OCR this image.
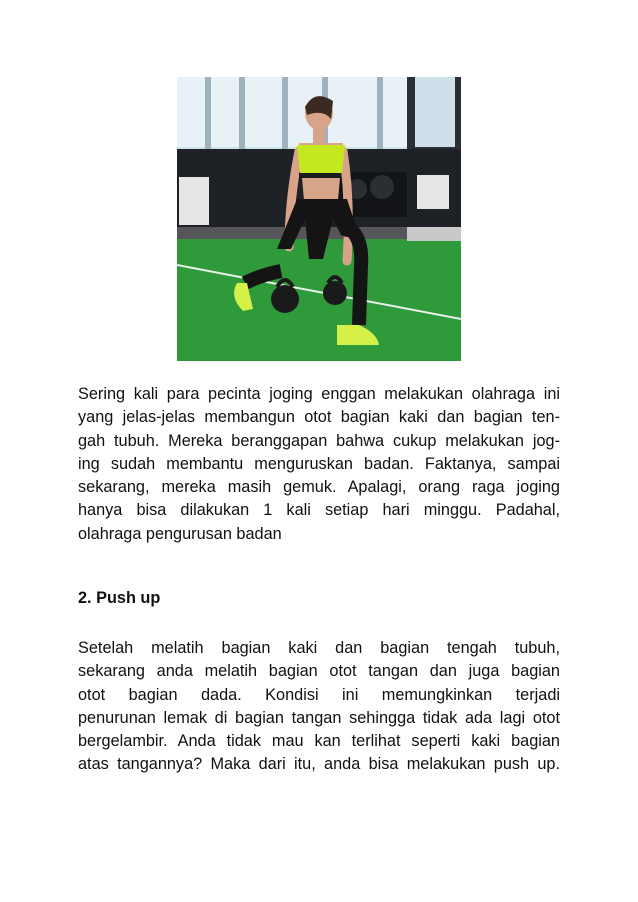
Sering kali para pecinta joging enggan melakukan olahraga ini
yang jelas-jelas membangun otot bagian kaki dan bagian ten-
gah tubuh. Mereka beranggapan bahwa cukup melakukan jog-
ing sudah membantu menguruskan badan. Faktanya, sampai
sekarang, mereka masih gemuk. Apalagi, orang raga joging
hanya bisa dilakukan 1 kali setiap hari minggu. Padahal,
olahraga pengurusan badan
2. Push up
Setelah melatih bagian kaki dan bagian tengah tubuh,
sekarang anda melatih bagian otot tangan dan juga bagian
otot bagian dada. Kondisi ini memungkinkan terjadi
penurunan lemak di bagian tangan sehingga tidak ada lagi otot
bergelambir. Anda tidak mau kan terlihat seperti kaki bagian
atas tangannya? Maka dari itu, anda bisa melakukan push up.
